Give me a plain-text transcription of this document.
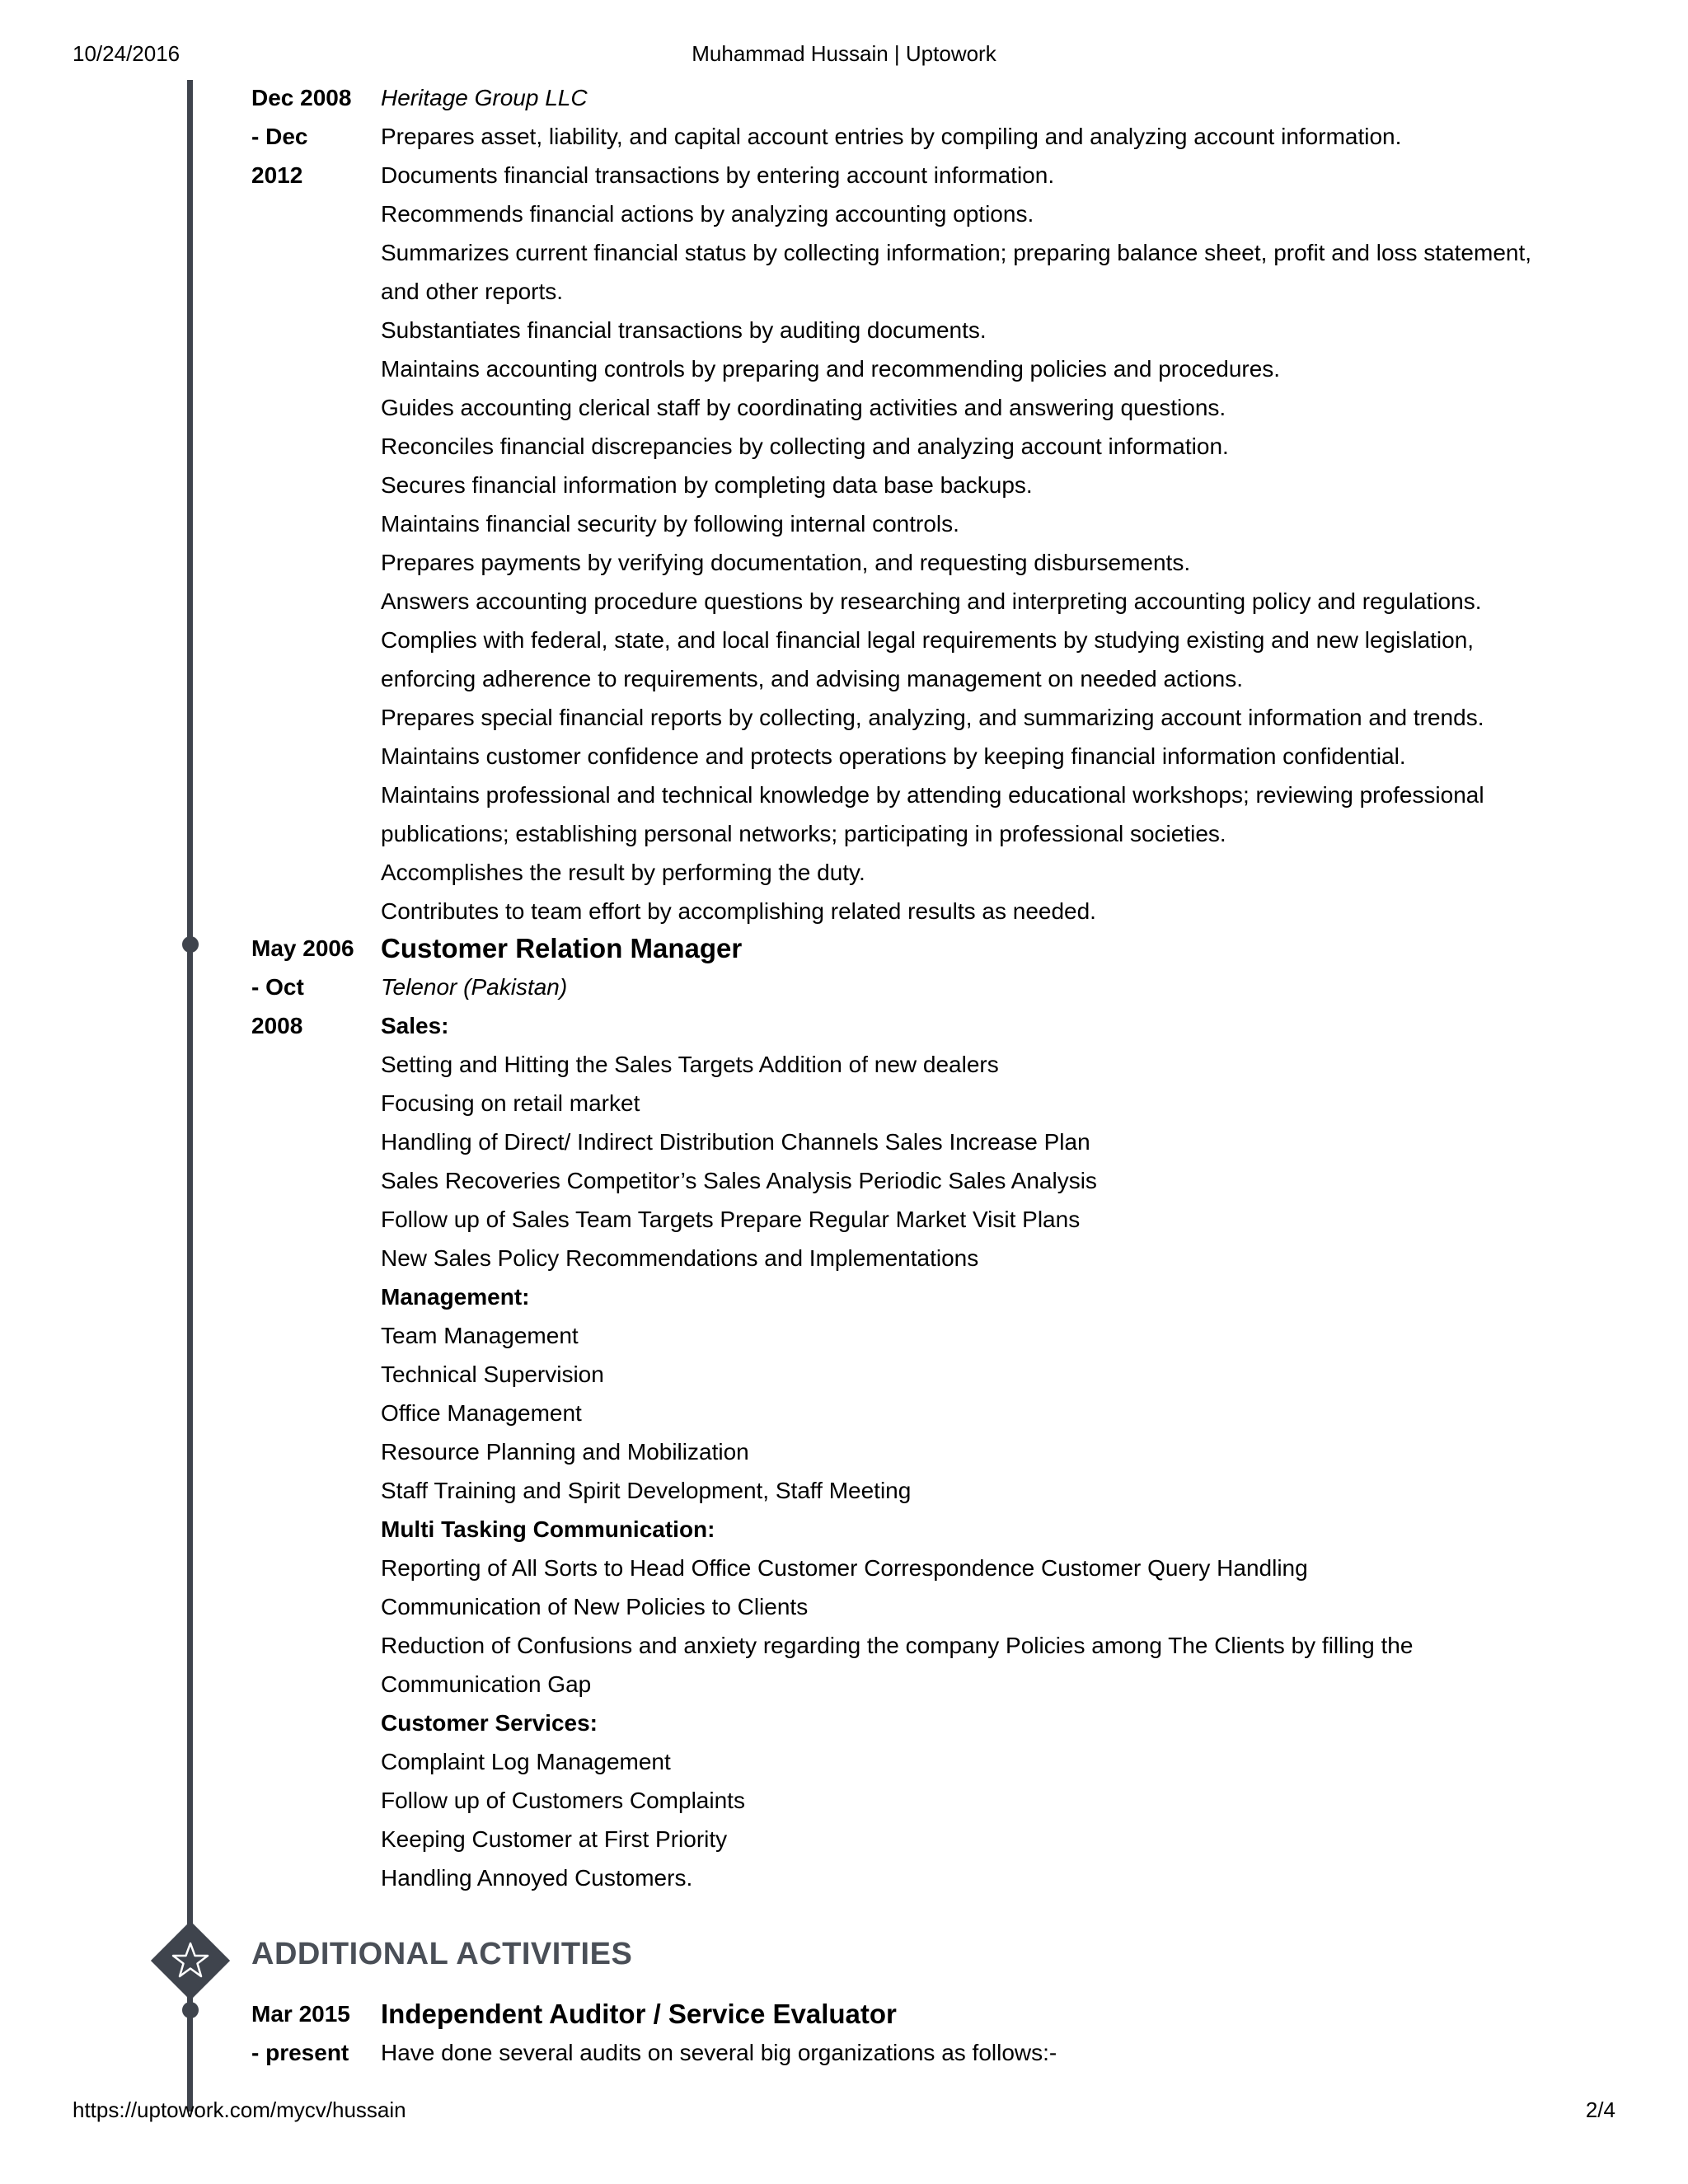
10/24/2016	Muhammad Hussain | Uptowork
Dec 2008
- Dec
2012
Heritage Group LLC
Prepares asset, liability, and capital account entries by compiling and analyzing account information.
Documents financial transactions by entering account information.
Recommends financial actions by analyzing accounting options.
Summarizes current financial status by collecting information; preparing balance sheet, profit and loss statement,
and other reports.
Substantiates financial transactions by auditing documents.
Maintains accounting controls by preparing and recommending policies and procedures.
Guides accounting clerical staff by coordinating activities and answering questions.
Reconciles financial discrepancies by collecting and analyzing account information.
Secures financial information by completing data base backups.
Maintains financial security by following internal controls.
Prepares payments by verifying documentation, and requesting disbursements.
Answers accounting procedure questions by researching and interpreting accounting policy and regulations.
Complies with federal, state, and local financial legal requirements by studying existing and new legislation,
enforcing adherence to requirements, and advising management on needed actions.
Prepares special financial reports by collecting, analyzing, and summarizing account information and trends.
Maintains customer confidence and protects operations by keeping financial information confidential.
Maintains professional and technical knowledge by attending educational workshops; reviewing professional
publications; establishing personal networks; participating in professional societies.
Accomplishes the result by performing the duty.
Contributes to team effort by accomplishing related results as needed.
May 2006
- Oct
2008
Customer Relation Manager
Telenor (Pakistan)
Sales:
Setting and Hitting the Sales Targets Addition of new dealers
Focusing on retail market
Handling of Direct/ Indirect Distribution Channels Sales Increase Plan
Sales Recoveries Competitor’s Sales Analysis Periodic Sales Analysis
Follow up of Sales Team Targets Prepare Regular Market Visit Plans
New Sales Policy Recommendations and Implementations
Management:
Team Management
Technical Supervision
Office Management
Resource Planning and Mobilization
Staff Training and Spirit Development, Staff Meeting
Multi Tasking Communication:
Reporting of All Sorts to Head Office Customer Correspondence Customer Query Handling
Communication of New Policies to Clients
Reduction of Confusions and anxiety regarding the company Policies among The Clients by filling the
Communication Gap
Customer Services:
Complaint Log Management
Follow up of Customers Complaints
Keeping Customer at First Priority
Handling Annoyed Customers.
ADDITIONAL ACTIVITIES
Mar 2015
- present
Independent Auditor / Service Evaluator
Have done several audits on several big organizations as follows:-
https://uptowork.com/mycv/hussain	2/4
